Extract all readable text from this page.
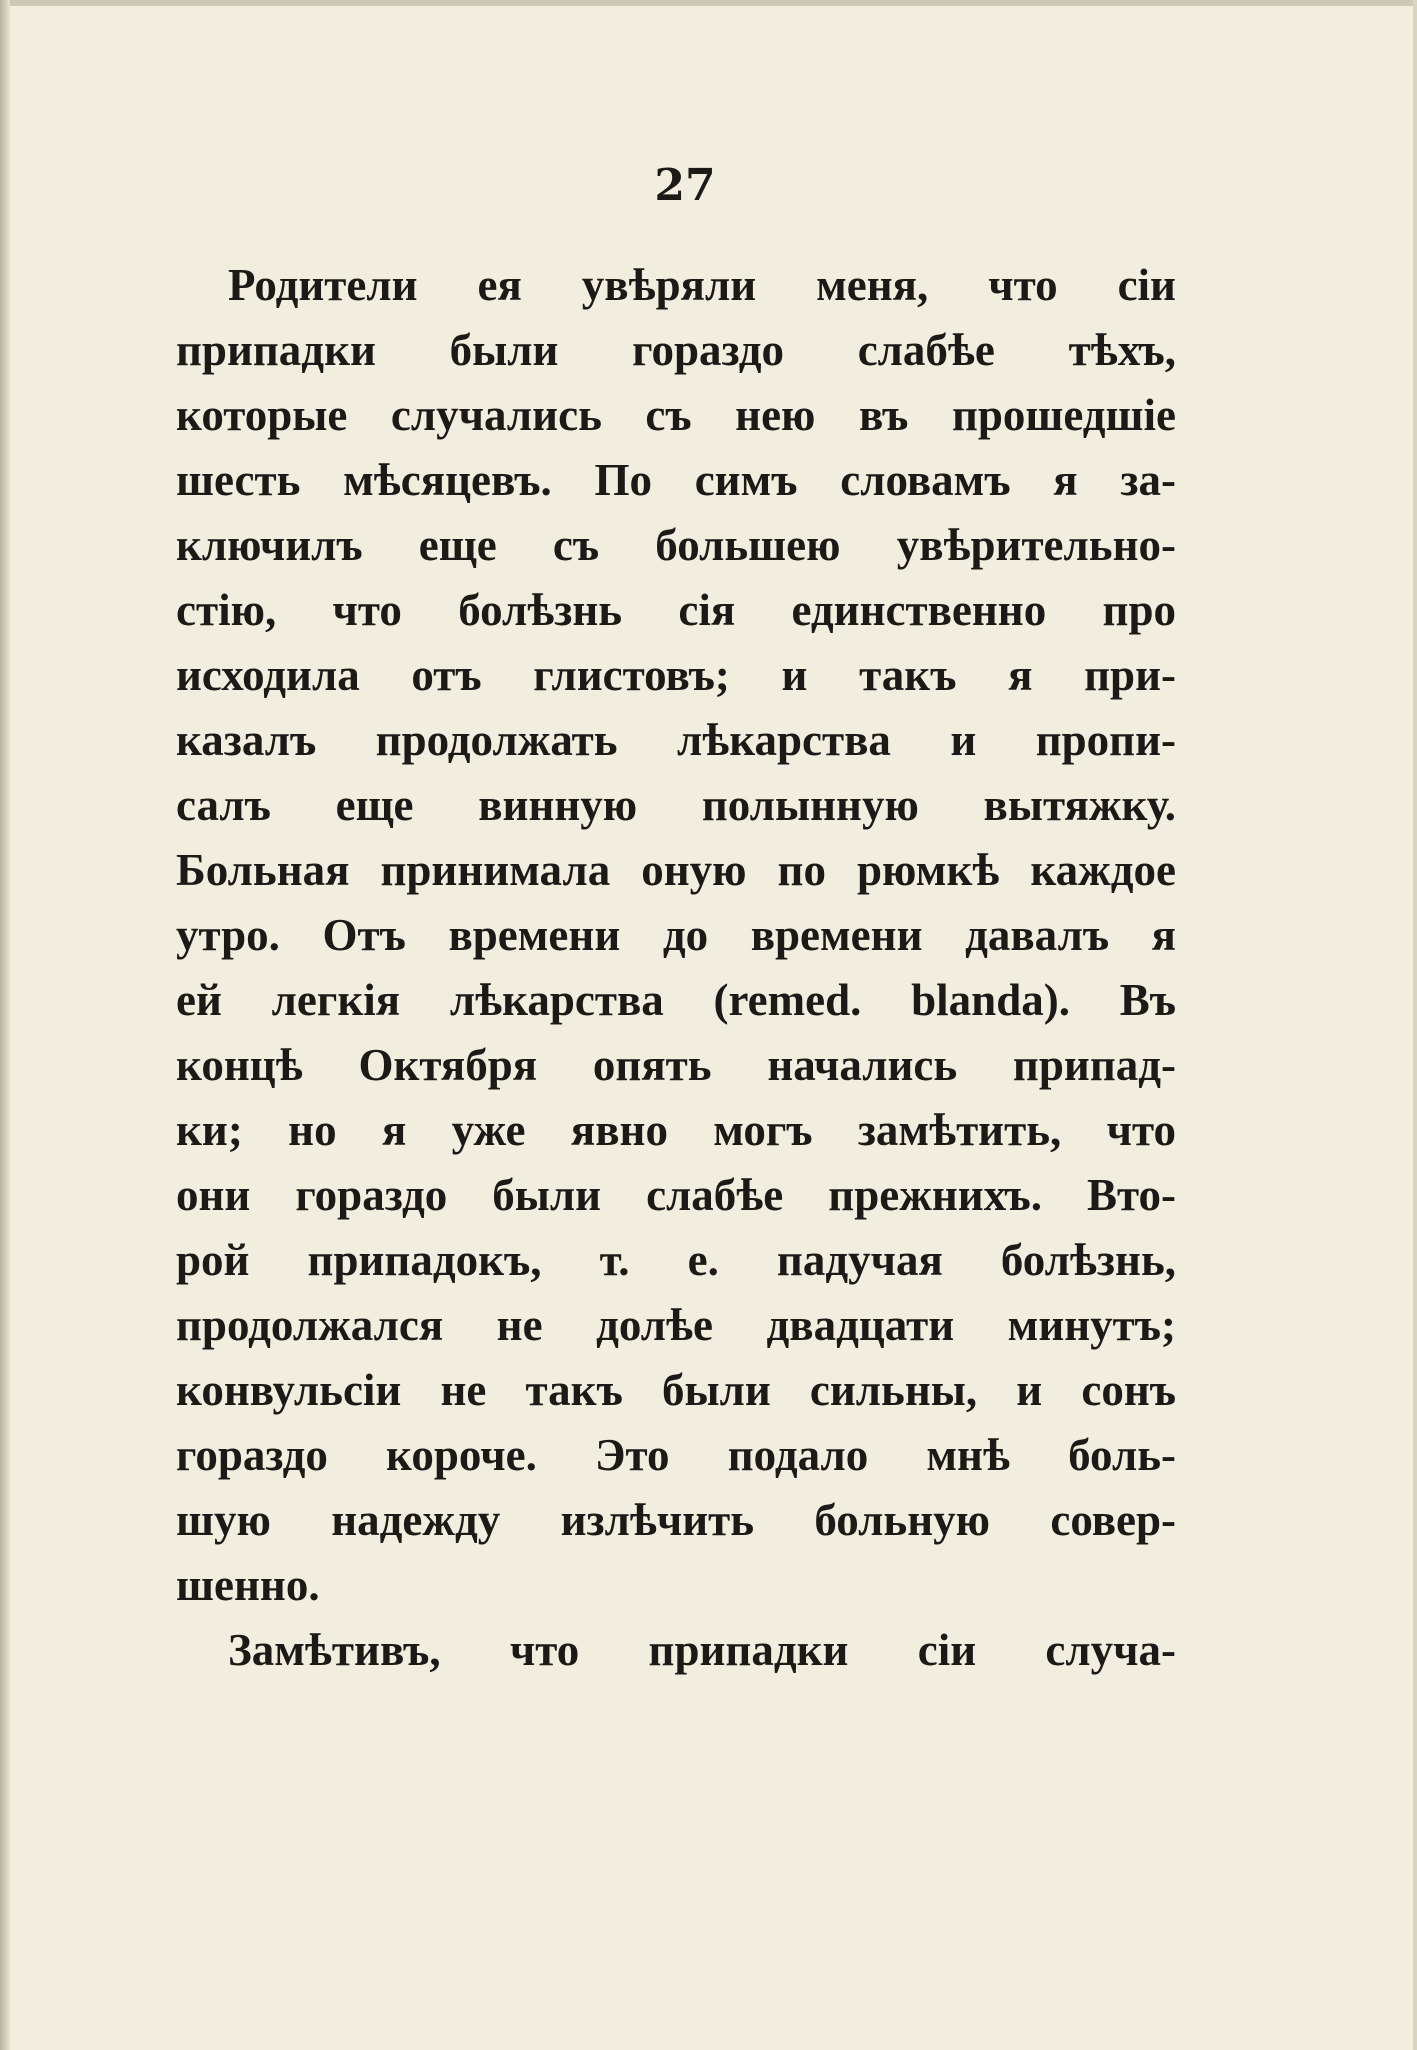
27
Родители ея увѣряли меня, что сіи
припадки были гораздо слабѣе тѣхъ,
которые случались съ нею въ прошедшіе
шесть мѣсяцевъ. По симъ словамъ я за-
ключилъ еще съ большею увѣрительно-
стію, что болѣзнь сія единственно про
исходила отъ глистовъ; и такъ я при-
казалъ продолжать лѣкарства и пропи-
салъ еще винную полынную вытяжку.
Больная принимала оную по рюмкѣ каждое
утро. Отъ времени до времени давалъ я
ей легкія лѣкарства (remed. blanda). Въ
концѣ Октября опять начались припад-
ки; но я уже явно могъ замѣтить, что
они гораздо были слабѣе прежнихъ. Вто-
рой припадокъ, т. е. падучая болѣзнь,
продолжался не долѣе двадцати минутъ;
конвульсіи не такъ были сильны, и сонъ
гораздо короче. Это подало мнѣ боль-
шую надежду излѣчить больную совер-
шенно.
Замѣтивъ, что припадки сіи случа-
